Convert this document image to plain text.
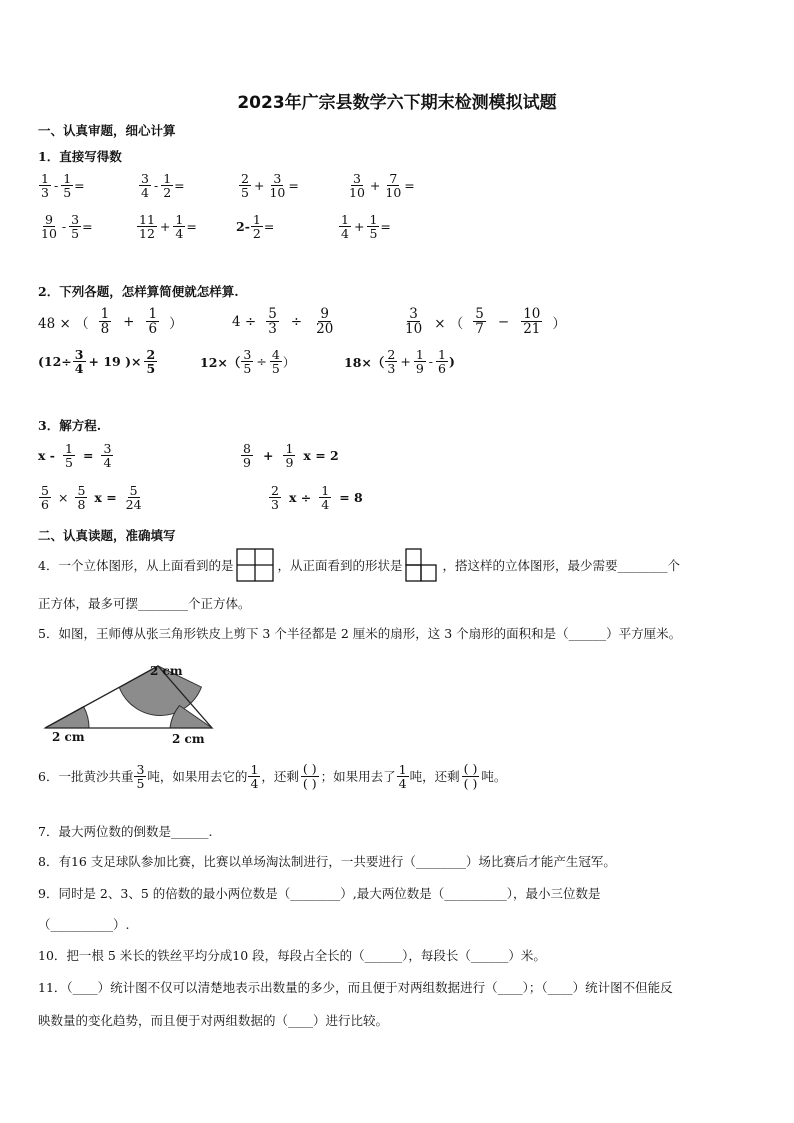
2023年广宗县数学六下期末检测模拟试题
一、认真审题，细心计算
1．直接写得数
$\frac{1}{3} - \frac{1}{5}$ =	$\frac{3}{4} - \frac{1}{2}$ =	$\frac{2}{5} + \frac{3}{10}$ =	$\frac{3}{10} + \frac{7}{10}$ =
$\frac{9}{10} - \frac{3}{5}$ =	$\frac{11}{12} + \frac{1}{4}$ =	$2- \frac{1}{2}$ =	$\frac{1}{4} + \frac{1}{5}$ =
2．下列各题，怎样算简便就怎样算.
48 × （ $\frac{1}{8} + \frac{1}{6}$ ）	$4 \div \frac{5}{3} \div \frac{9}{20}$	$\frac{3}{10}$ × （ $\frac{5}{7} - \frac{10}{21}$ ）
($12\div \frac{3}{4} + 19$ )× $\frac{2}{5}$	$12\times( \frac{3}{5} \div \frac{4}{5}$ ）	$18\times( \frac{2}{3} + \frac{1}{9} - \frac{1}{6}$ )
3．解方程.
$x - \frac{1}{5} = \frac{3}{4}$	$\frac{8}{9} + \frac{1}{9}$ x = 2
$\frac{5}{6} \times \frac{5}{8}$ $x = \frac{5}{24}$	$\frac{2}{3}$ $x \div \frac{1}{4} = 8$
二、认真读题，准确填写
4．一个立体图形，从上面看到的是	，从正面看到的形状是	，搭这样的立体图形，最少需要________个
正方体，最多可摆________个正方体。
5．如图，王师傅从张三角形铁皮上剪下 3 个半径都是 2 厘米的扇形，这 3 个扇形的面积和是（______）平方厘米。
2 cm
2 cm	2 cm
6．一批黄沙共重 $\frac{3}{5}$ 吨，如果用去它的 $\frac{1}{4}$ ，还剩
( )
( ) ；如果用去了 $\frac{1}{4}$ 吨，还剩
( )
( ) 吨。
7．最大两位数的倒数是______.
8．有16 支足球队参加比赛，比赛以单场淘汰制进行，一共要进行（________）场比赛后才能产生冠军。
9．同时是 2、3、5 的倍数的最小两位数是（________）,最大两位数是（__________），最小三位数是
（__________）.
10．把一根 5 米长的铁丝平均分成10 段，每段占全长的（______），每段长（______）米。
11．（____）统计图不仅可以清楚地表示出数量的多少，而且便于对两组数据进行（____）；（____）统计图不但能反
映数量的变化趋势，而且便于对两组数据的（____）进行比较。
